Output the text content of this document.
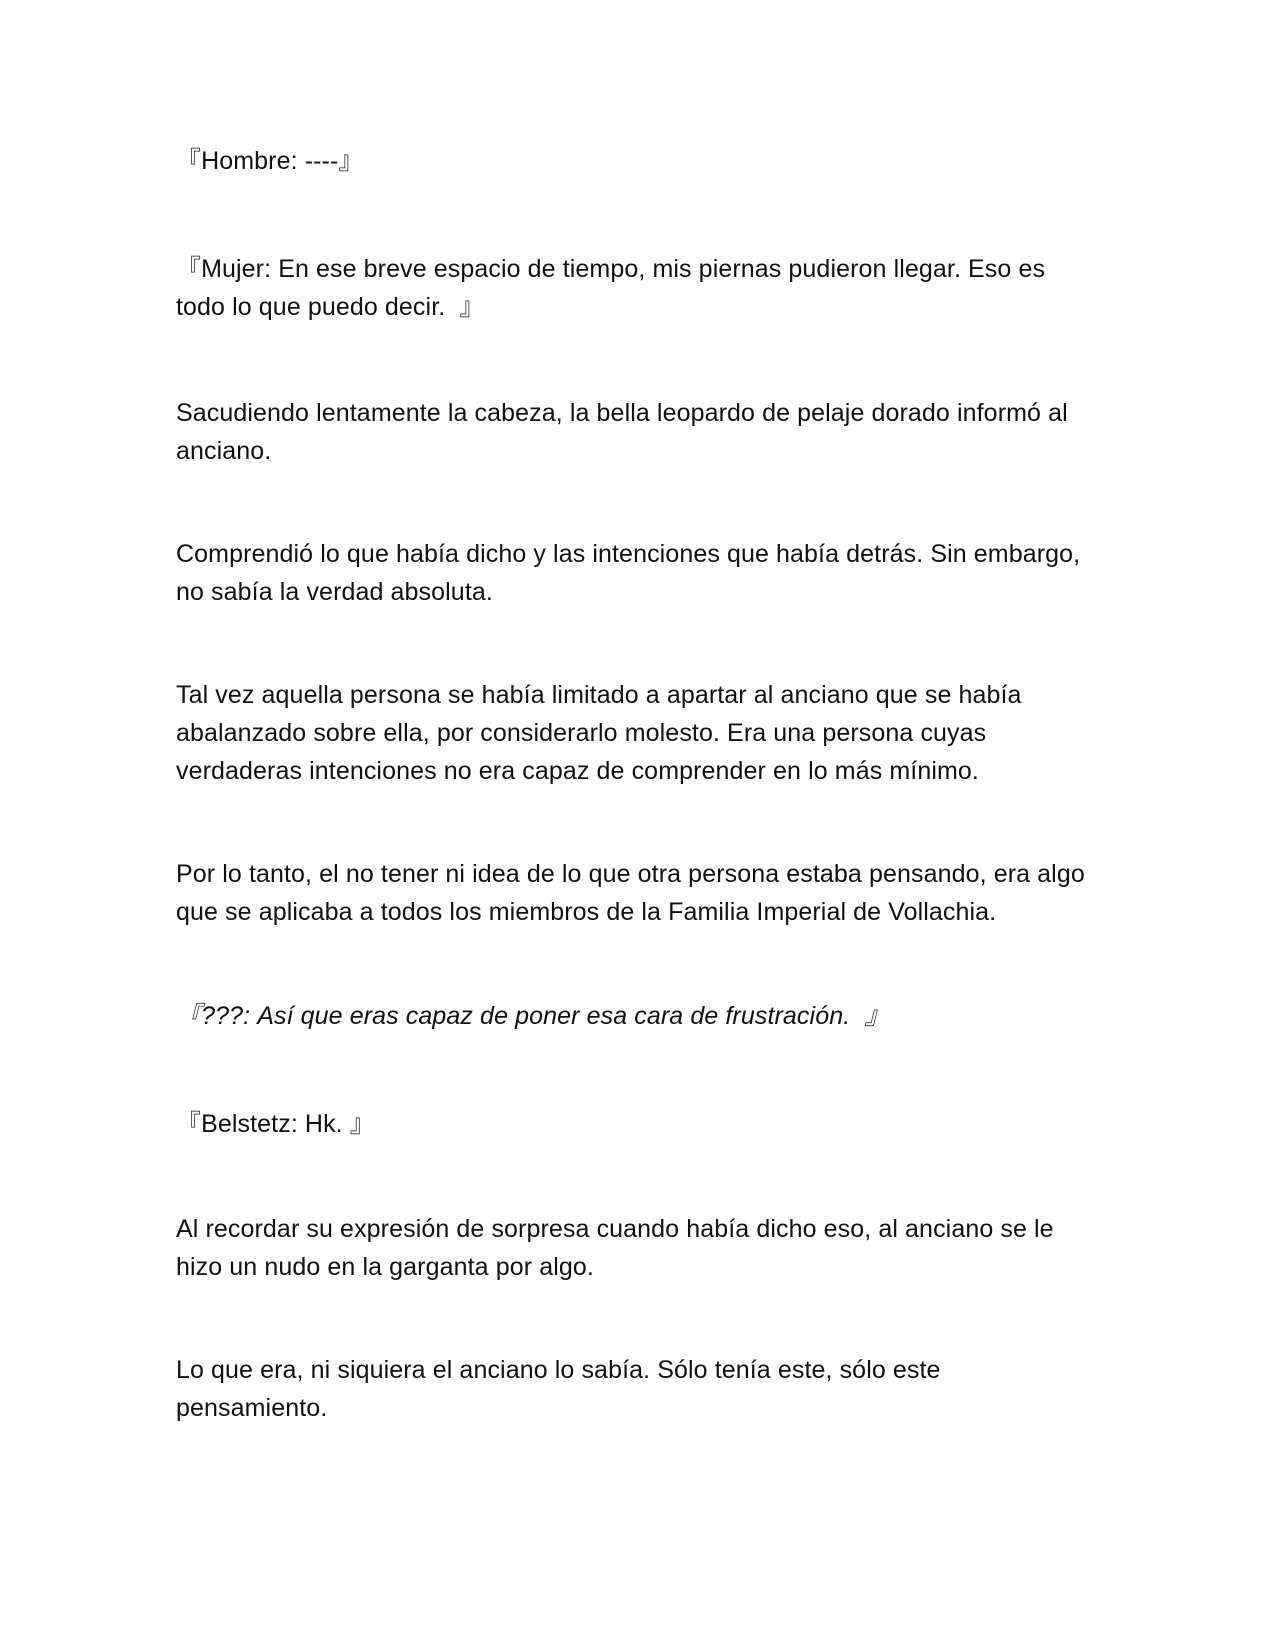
『Hombre: ----』

『Mujer: En ese breve espacio de tiempo, mis piernas pudieron llegar. Eso es todo lo que puedo decir.  』

Sacudiendo lentamente la cabeza, la bella leopardo de pelaje dorado informó al anciano.

Comprendió lo que había dicho y las intenciones que había detrás. Sin embargo, no sabía la verdad absoluta.

Tal vez aquella persona se había limitado a apartar al anciano que se había abalanzado sobre ella, por considerarlo molesto. Era una persona cuyas verdaderas intenciones no era capaz de comprender en lo más mínimo.

Por lo tanto, el no tener ni idea de lo que otra persona estaba pensando, era algo que se aplicaba a todos los miembros de la Familia Imperial de Vollachia.

『???: Así que eras capaz de poner esa cara de frustración.  』

『Belstetz: Hk. 』

Al recordar su expresión de sorpresa cuando había dicho eso, al anciano se le hizo un nudo en la garganta por algo.

Lo que era, ni siquiera el anciano lo sabía. Sólo tenía este, sólo este pensamiento.
